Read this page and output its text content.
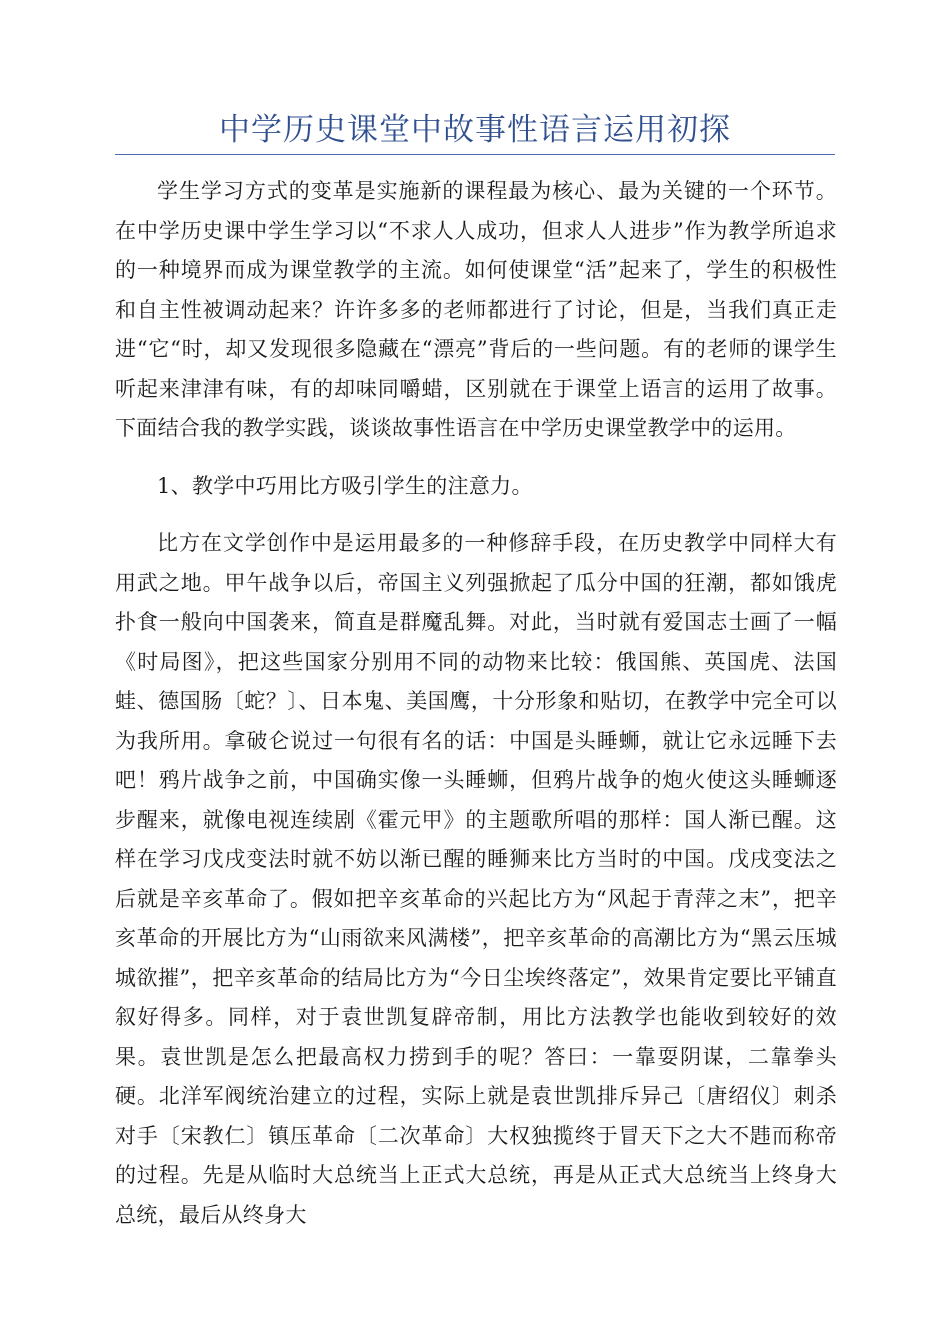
中学历史课堂中故事性语言运用初探

学生学习方式的变革是实施新的课程最为核心、最为关键的一个环节。在中学历史课中学生学习以“不求人人成功，但求人人进步”作为教学所追求的一种境界而成为课堂教学的主流。如何使课堂“活”起来了，学生的积极性和自主性被调动起来？许许多多的老师都进行了讨论，但是，当我们真正走进“它“时，却又发现很多隐藏在“漂亮”背后的一些问题。有的老师的课学生听起来津津有味，有的却味同嚼蜡，区别就在于课堂上语言的运用了故事。下面结合我的教学实践，谈谈故事性语言在中学历史课堂教学中的运用。

1、教学中巧用比方吸引学生的注意力。

比方在文学创作中是运用最多的一种修辞手段，在历史教学中同样大有用武之地。甲午战争以后，帝国主义列强掀起了瓜分中国的狂潮，都如饿虎扑食一般向中国袭来，简直是群魔乱舞。对此，当时就有爱国志士画了一幅《时局图》，把这些国家分别用不同的动物来比较：俄国熊、英国虎、法国蛙、德国肠〔蛇？〕、日本鬼、美国鹰，十分形象和贴切，在教学中完全可以为我所用。拿破仑说过一句很有名的话：中国是头睡蛳，就让它永远睡下去吧！鸦片战争之前，中国确实像一头睡蛳，但鸦片战争的炮火使这头睡蛳逐步醒来，就像电视连续剧《霍元甲》的主题歌所唱的那样：国人渐已醒。这样在学习戊戌变法时就不妨以渐已醒的睡狮来比方当时的中国。戊戌变法之后就是辛亥革命了。假如把辛亥革命的兴起比方为“风起于青萍之末”，把辛亥革命的开展比方为“山雨欲来风满楼”，把辛亥革命的高潮比方为“黑云压城城欲摧”，把辛亥革命的结局比方为“今日尘埃终落定”，效果肯定要比平铺直叙好得多。同样，对于袁世凯复辟帝制，用比方法教学也能收到较好的效果。袁世凯是怎么把最高权力捞到手的呢？答曰：一靠耍阴谋，二靠拳头硬。北洋军阀统治建立的过程，实际上就是袁世凯排斥异己〔唐绍仪〕刺杀对手〔宋教仁〕镇压革命〔二次革命〕大权独揽终于冒天下之大不韪而称帝的过程。先是从临时大总统当上正式大总统，再是从正式大总统当上终身大总统，最后从终身大
